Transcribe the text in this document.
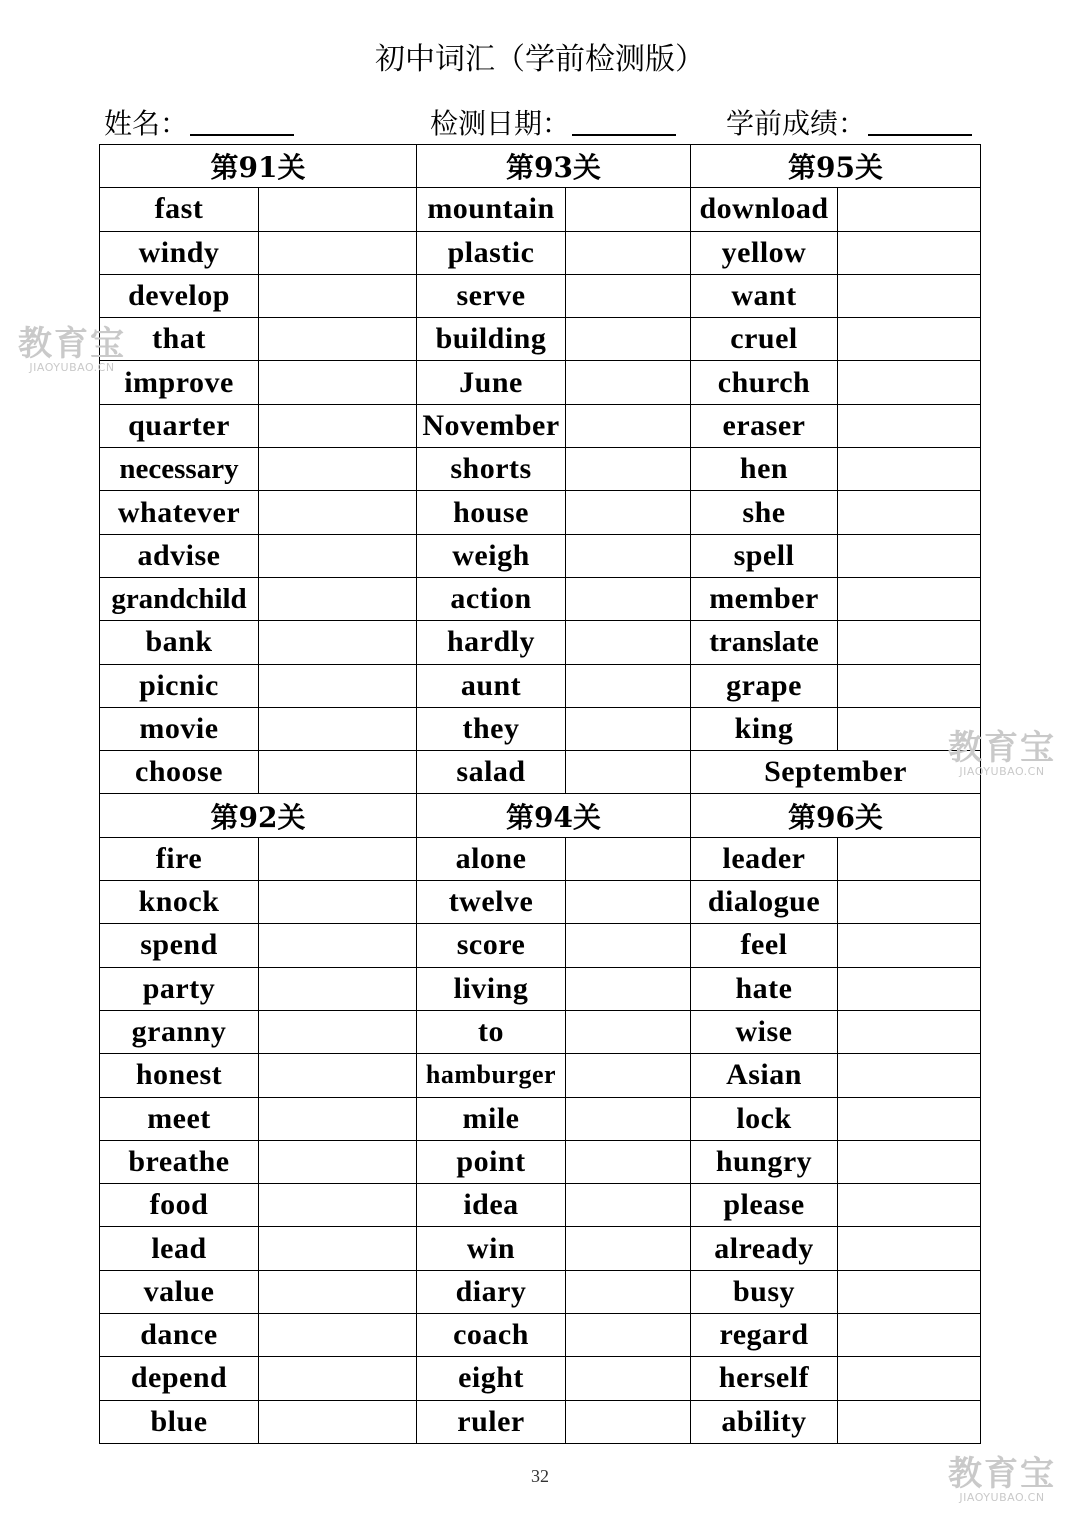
初中词汇（学前检测版）
姓名：	检测日期：	学前成绩：
第91关		第93关		第95关	
fast		mountain		download	
windy		plastic		yellow	
develop		serve		want	
that		building		cruel	
improve		June		church	
quarter		November		eraser	
necessary		shorts		hen	
whatever		house		she	
advise		weigh		spell	
grandchild		action		member	
bank		hardly		translate	
picnic		aunt		grape	
movie		they		king	
choose		salad		September	
第92关		第94关		第96关	
fire		alone		leader	
knock		twelve		dialogue	
spend		score		feel	
party		living		hate	
granny		to		wise	
honest		hamburger		Asian	
meet		mile		lock	
breathe		point		hungry	
food		idea		please	
lead		win		already	
value		diary		busy	
dance		coach		regard	
depend		eight		herself	
blue		ruler		ability	
32
教育宝
JIAOYUBAO.CN
教育宝
JIAOYUBAO.CN
教育宝
JIAOYUBAO.CN
